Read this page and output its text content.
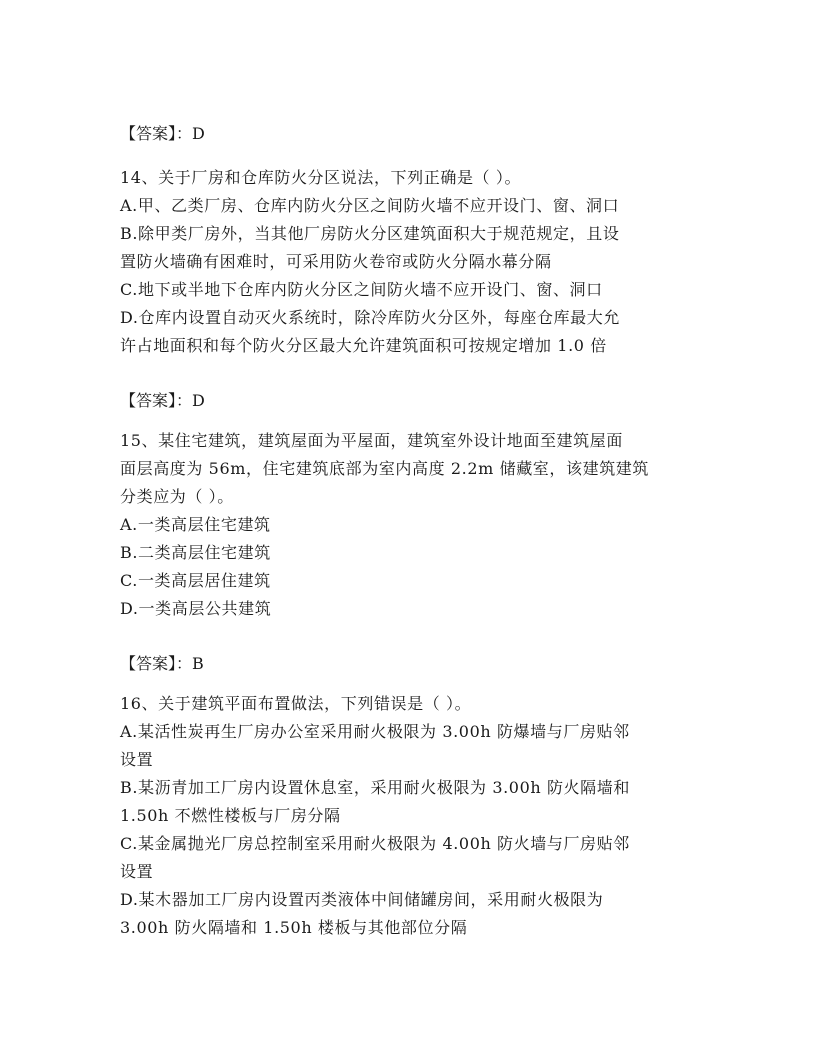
【答案】：D
14、关于厂房和仓库防火分区说法，下列正确是（ ）。
A.甲、乙类厂房、仓库内防火分区之间防火墙不应开设门、窗、洞口
B.除甲类厂房外，当其他厂房防火分区建筑面积大于规范规定，且设
置防火墙确有困难时，可采用防火卷帘或防火分隔水幕分隔
C.地下或半地下仓库内防火分区之间防火墙不应开设门、窗、洞口
D.仓库内设置自动灭火系统时，除冷库防火分区外，每座仓库最大允
许占地面积和每个防火分区最大允许建筑面积可按规定增加 1.0 倍
【答案】：D
15、某住宅建筑，建筑屋面为平屋面，建筑室外设计地面至建筑屋面
面层高度为 56m，住宅建筑底部为室内高度 2.2m 储藏室，该建筑建筑
分类应为（ ）。
A.一类高层住宅建筑
B.二类高层住宅建筑
C.一类高层居住建筑
D.一类高层公共建筑
【答案】：B
16、关于建筑平面布置做法，下列错误是（ ）。
A.某活性炭再生厂房办公室采用耐火极限为 3.00h 防爆墙与厂房贴邻
设置
B.某沥青加工厂房内设置休息室，采用耐火极限为 3.00h 防火隔墙和
1.50h 不燃性楼板与厂房分隔
C.某金属抛光厂房总控制室采用耐火极限为 4.00h 防火墙与厂房贴邻
设置
D.某木器加工厂房内设置丙类液体中间储罐房间，采用耐火极限为
3.00h 防火隔墙和 1.50h 楼板与其他部位分隔
